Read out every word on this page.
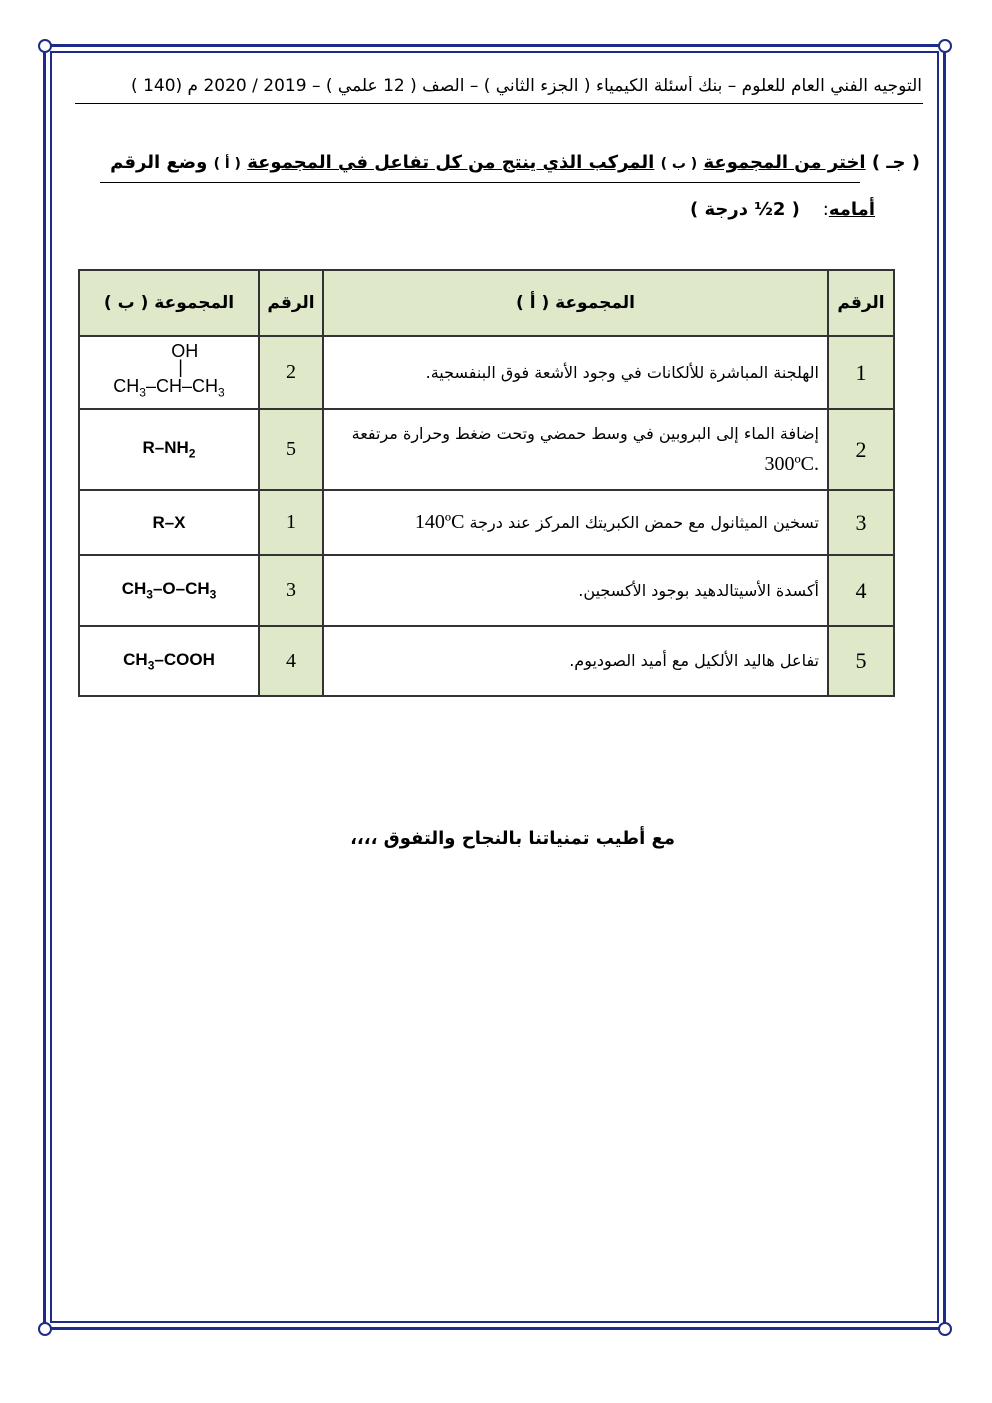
التوجيه الفني العام للعلوم – بنك أسئلة الكيمياء ( الجزء الثاني ) – الصف ( 12 علمي ) – 2019 / 2020 م (140 )
( جـ ) اختر من المجموعة ( ب ) المركب الذي ينتج من كل تفاعل في المجموعة ( أ ) وضع الرقم
أمامه:    ( 2½ درجة )
الرقم	المجموعة ( أ )	الرقم	المجموعة ( ب )
1	الهلجنة المباشرة للألكانات في وجود الأشعة فوق البنفسجية.	2	OH
|
$CH_3-CH-CH_3$

2	إضافة الماء إلى البروبين في وسط حمضي وتحت ضغط وحرارة مرتفعة 300ºC.	5	$R-NH_2$
3	تسخين الميثانول مع حمض الكبريتك المركز عند درجة 140ºC	1	R–X
4	أكسدة الأسيتالدهيد بوجود الأكسجين.	3	$CH_3-O-CH_3$
5	تفاعل هاليد الألكيل مع أميد الصوديوم.	4	$CH_3$–COOH
مع أطيب تمنياتنا بالنجاح والتفوق ،،،،
